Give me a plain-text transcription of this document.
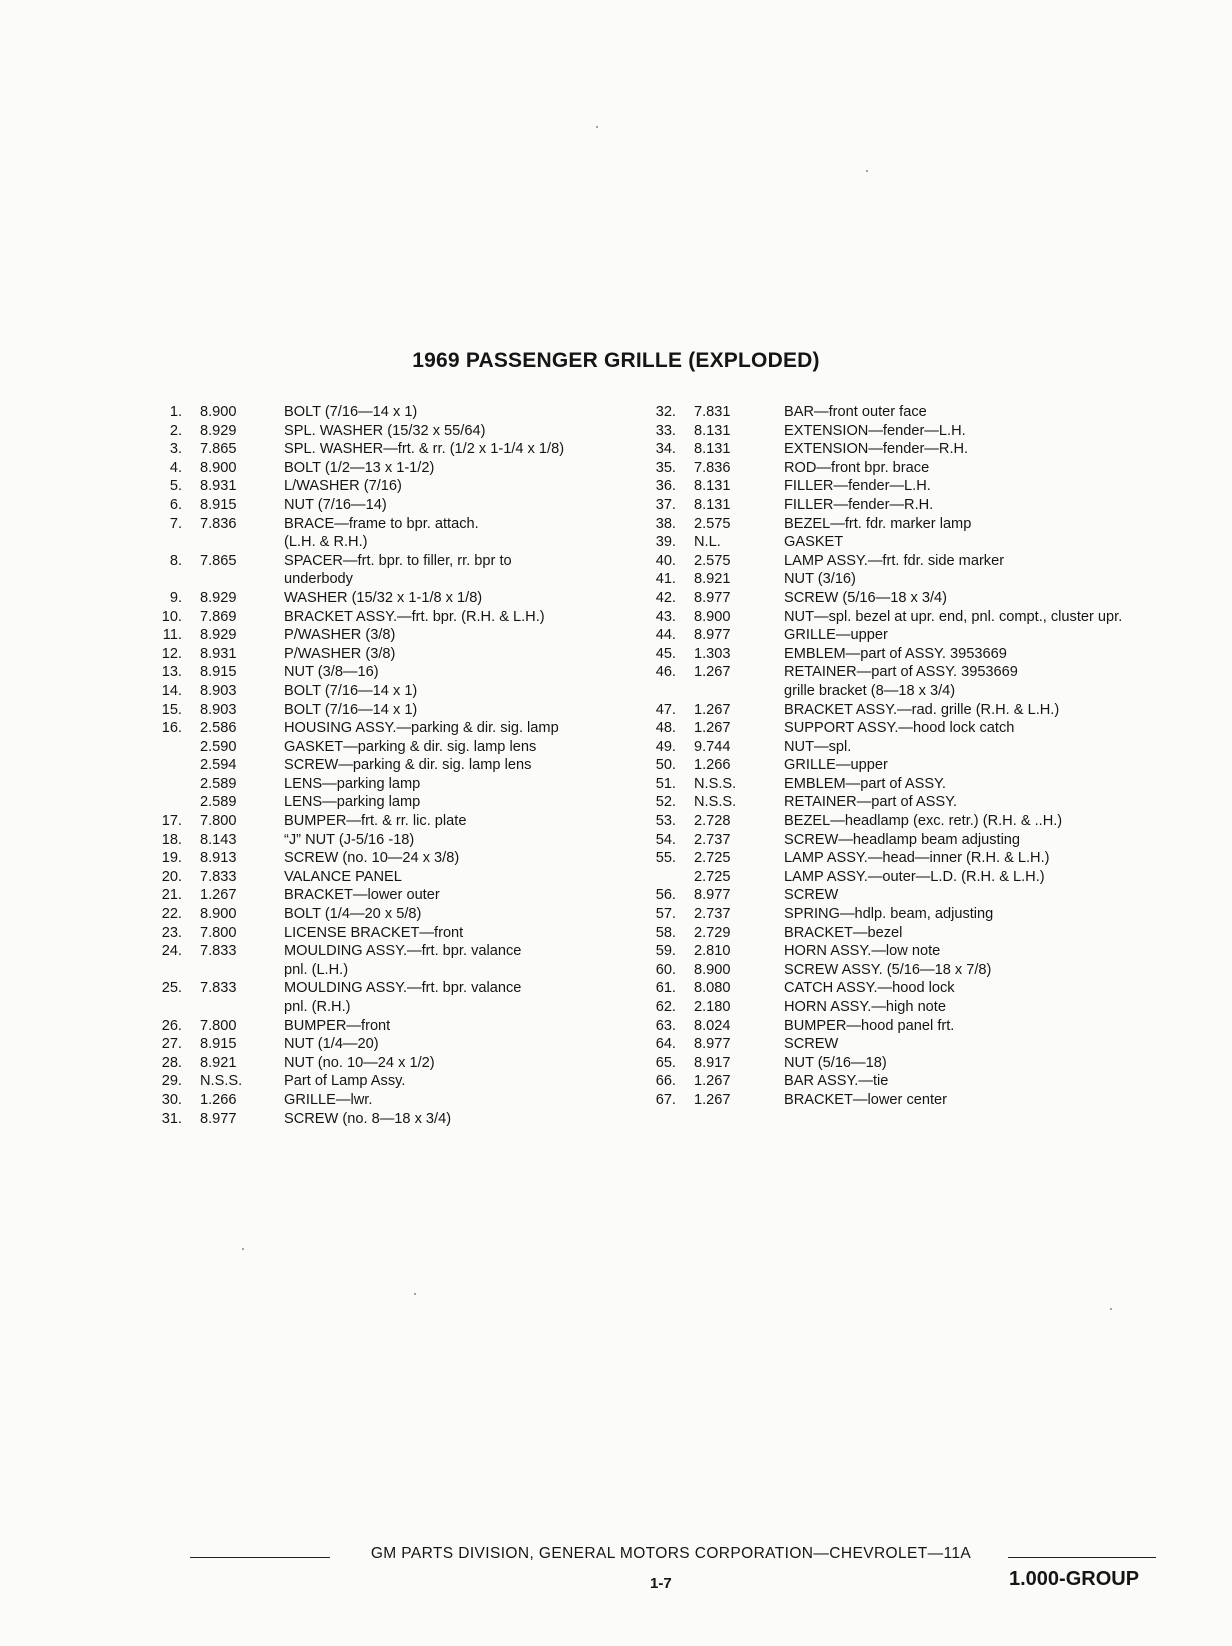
1969 PASSENGER GRILLE (EXPLODED)
1. 8.900	BOLT (7/16—14 x 1)
2. 8.929	SPL. WASHER (15/32 x 55/64)
3. 7.865	SPL. WASHER—frt. & rr. (1/2 x 1-1/4 x 1/8)
4. 8.900	BOLT (1/2—13 x 1-1/2)
5. 8.931	L/WASHER (7/16)
6. 8.915	NUT (7/16—14)
7. 7.836	BRACE—frame to bpr. attach.
(L.H. & R.H.)
8. 7.865	SPACER—frt. bpr. to filler, rr. bpr to
underbody
9. 8.929	WASHER (15/32 x 1-1/8 x 1/8)
10. 7.869	BRACKET ASSY.—frt. bpr. (R.H. & L.H.)
11. 8.929	P/WASHER (3/8)
12. 8.931	P/WASHER (3/8)
13. 8.915	NUT (3/8—16)
14. 8.903	BOLT (7/16—14 x 1)
15. 8.903	BOLT (7/16—14 x 1)
16. 2.586	HOUSING ASSY.—parking & dir. sig. lamp
2.590	GASKET—parking & dir. sig. lamp lens
2.594	SCREW—parking & dir. sig. lamp lens
2.589	LENS—parking lamp
2.589	LENS—parking lamp
17. 7.800	BUMPER—frt. & rr. lic. plate
18. 8.143	“J” NUT (J-5/16 -18)
19. 8.913	SCREW (no. 10—24 x 3/8)
20. 7.833	VALANCE PANEL
21. 1.267	BRACKET—lower outer
22. 8.900	BOLT (1/4—20 x 5/8)
23. 7.800	LICENSE BRACKET—front
24. 7.833	MOULDING ASSY.—frt. bpr. valance
pnl. (L.H.)
25. 7.833	MOULDING ASSY.—frt. bpr. valance
pnl. (R.H.)
26. 7.800	BUMPER—front
27. 8.915	NUT (1/4—20)
28. 8.921	NUT (no. 10—24 x 1/2)
29. N.S.S.	Part of Lamp Assy.
30. 1.266	GRILLE—lwr.
31. 8.977	SCREW (no. 8—18 x 3/4)
32. 7.831	BAR—front outer face
33. 8.131	EXTENSION—fender—L.H.
34. 8.131	EXTENSION—fender—R.H.
35. 7.836	ROD—front bpr. brace
36. 8.131	FILLER—fender—L.H.
37. 8.131	FILLER—fender—R.H.
38. 2.575	BEZEL—frt. fdr. marker lamp
39. N.L.	GASKET
40. 2.575	LAMP ASSY.—frt. fdr. side marker
41. 8.921	NUT (3/16)
42. 8.977	SCREW (5/16—18 x 3/4)
43. 8.900	NUT—spl. bezel at upr. end, pnl. compt., cluster upr.
44. 8.977	GRILLE—upper
45. 1.303	EMBLEM—part of ASSY. 3953669
46. 1.267	RETAINER—part of ASSY. 3953669
grille bracket (8—18 x 3/4)
47. 1.267	BRACKET ASSY.—rad. grille (R.H. & L.H.)
48. 1.267	SUPPORT ASSY.—hood lock catch
49. 9.744	NUT—spl.
50. 1.266	GRILLE—upper
51. N.S.S.	EMBLEM—part of ASSY.
52. N.S.S.	RETAINER—part of ASSY.
53. 2.728	BEZEL—headlamp (exc. retr.) (R.H. & ..H.)
54. 2.737	SCREW—headlamp beam adjusting
55. 2.725	LAMP ASSY.—head—inner (R.H. & L.H.)
2.725	LAMP ASSY.—outer—L.D. (R.H. & L.H.)
56. 8.977	SCREW
57. 2.737	SPRING—hdlp. beam, adjusting
58. 2.729	BRACKET—bezel
59. 2.810	HORN ASSY.—low note
60. 8.900	SCREW ASSY. (5/16—18 x 7/8)
61. 8.080	CATCH ASSY.—hood lock
62. 2.180	HORN ASSY.—high note
63. 8.024	BUMPER—hood panel frt.
64. 8.977	SCREW
65. 8.917	NUT (5/16—18)
66. 1.267	BAR ASSY.—tie
67. 1.267	BRACKET—lower center
GM PARTS DIVISION, GENERAL MOTORS CORPORATION—CHEVROLET—11A
1-7	1.000-GROUP
